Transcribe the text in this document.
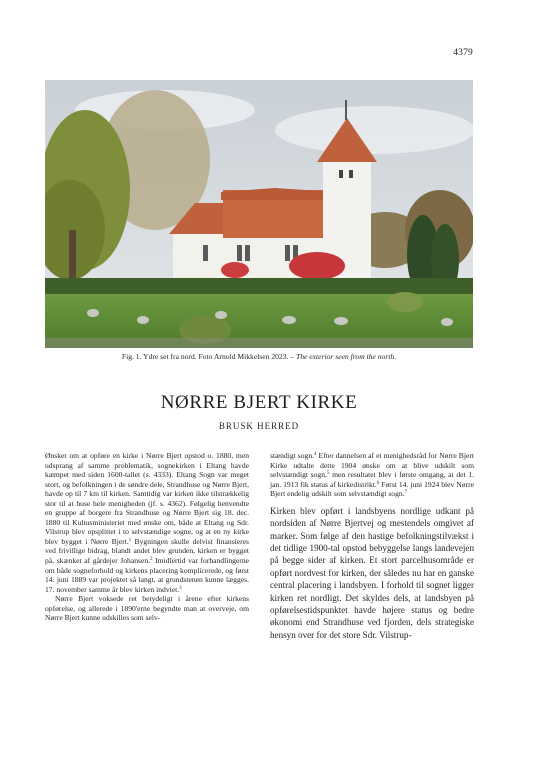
4379
Fig. 1. Ydre set fra nord. Foto Arnold Mikkelsen 2023. – The exterior seen from the north.
NØRRE BJERT KIRKE
BRUSK HERRED

Ønsket om at opføre en kirke i Nørre Bjert opstod o. 1880, men udsprang af samme problematik, sognekirken i Eltang havde kæmpet med siden 1600-tallet (s. 4333). Eltang Sogn var meget stort, og befolkningen i de søndre dele, Strandhuse og Nørre Bjert, havde op til 7 km til kirken. Samtidig var kirken ikke tilstrækkelig stor til at huse hele menigheden (jf. s. 4362). Følgelig henvendte en gruppe af borgere fra Strandhuse og Nørre Bjert sig 18. dec. 1880 til Kultusministeriet med ønske om, både at Eltang og Sdr. Vilstrup blev opsplittet i to selvstændige sogne, og at en ny kirke blev bygget i Nørre Bjert.$^1$ Bygningen skulle delvist finansieres ved frivillige bidrag, blandt andet blev grunden, kirken er bygget på, skænket af gårdejer Johansen.$^2$ Imidlertid var forhandlingerne om både sogneforhold og kirkens placering komplicerede, og først 14. juni 1889 var projektet så langt, at grundstenen kunne lægges. 17. november samme år blev kirken indviet.$^3$

Nørre Bjert voksede ret betydeligt i årene efter kirkens opførelse, og allerede i 1890'erne begyndte man at overveje, om Nørre Bjert kunne udskilles som selv-

stændigt sogn.$^4$ Efter dannelsen af et menighedsråd for Nørre Bjert Kirke udtalte dette 1904 ønske om at blive udskilt som selvstændigt sogn,$^5$ men resultatet blev i første omgang, at det 1. jan. 1913 fik status af kirkedistrikt.$^6$ Først 14. juni 1924 blev Nørre Bjert endelig udskilt som selvstændigt sogn.$^7$

Kirken blev opført i landsbyens nordlige udkant på nordsiden af Nørre Bjertvej og mestendels omgivet af marker. Som følge af den hastige befolkningstilvækst i det tidlige 1900-tal opstod bebyggelse langs landevejen på begge sider af kirken. Et stort parcelhusområde er opført nordvest for kirken, der således nu har en ganske central placering i landsbyen. I forhold til sognet ligger kirken ret nordligt. Det skyldes dels, at landsbyen på opførelsestidspunktet havde højere status og bedre økonomi end Strandhuse ved fjorden, dels strategiske hensyn over for det store Sdr. Vilstrup-
